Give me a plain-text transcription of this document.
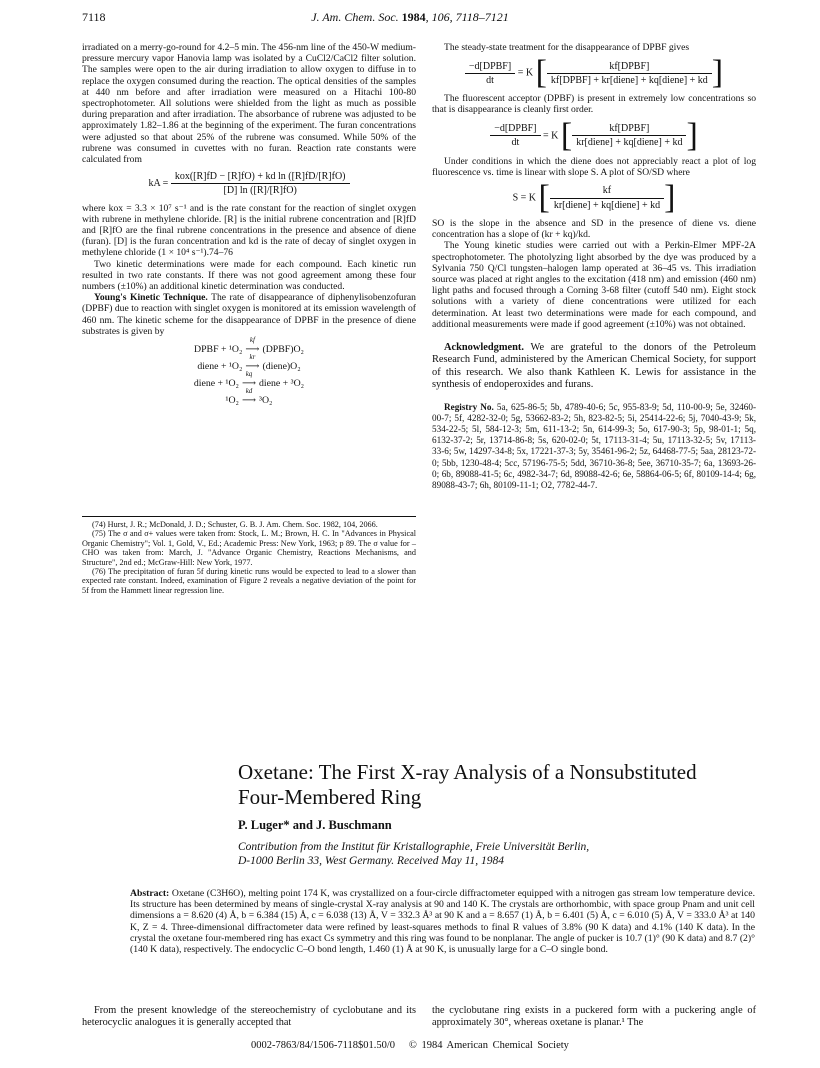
7118	J. Am. Chem. Soc. 1984, 106, 7118–7121

irradiated on a merry-go-round for 4.2–5 min. The 456-nm line of the 450-W medium-pressure mercury vapor Hanovia lamp was isolated by a CuCl2/CaCl2 filter solution. The samples were open to the air during irradiation to allow oxygen to diffuse in to replace the oxygen consumed during the reaction. The optical densities of the samples at 440 nm before and after irradiation were measured on a Hitachi 100-80 spectrophotometer. All solutions were shielded from the light as much as possible during preparation and after irradiation. The absorbance of rubrene was adjusted to be approximately 1.82–1.86 at the beginning of the experiment. The furan concentrations were adjusted so that about 25% of the rubrene was consumed. While 50% of the rubrene was consumed in cuvettes with no furan. Reaction rate constants were calculated from

kA = $\frac{\text{kox([R]fD − [R]fO) + kd ln ([R]fD/[R]fO)}}{[D] \ln ([R]/[R]fO)}$

where kox = 3.3 × 10⁷ s⁻¹ and is the rate constant for the reaction of singlet oxygen with rubrene in methylene chloride. [R] is the initial rubrene concentration and [R]fD and [R]fO are the final rubrene concentrations in the presence and absence of diene (furan). [D] is the furan concentration and kd is the rate of decay of singlet oxygen in methylene chloride (1 × 10⁴ s⁻¹).74–76

Two kinetic determinations were made for each compound. Each kinetic run resulted in two rate constants. If there was not good agreement among these four numbers (±10%) an additional kinetic determination was conducted.

Young's Kinetic Technique. The rate of disappearance of diphenylisobenzofuran (DPBF) due to reaction with singlet oxygen is monitored at its emission wavelength of 460 nm. The kinetic scheme for the disappearance of DPBF in the presence of diene substrates is given by

DPBF + ¹O₂
kf
⟶ (DPBF)O₂
diene + ¹O₂
kr
⟶ (diene)O₂
diene + ¹O₂
kq
⟶ diene + ³O₂
¹O₂
kd
⟶ ³O₂

(74) Hurst, J. R.; McDonald, J. D.; Schuster, G. B. J. Am. Chem. Soc. 1982, 104, 2066.

(75) The σ and σ+ values were taken from: Stock, L. M.; Brown, H. C. In "Advances in Physical Organic Chemistry"; Vol. 1, Gold, V., Ed.; Academic Press: New York, 1963; p 89. The σ value for –CHO was taken from: March, J. "Advance Organic Chemistry, Reactions Mechanisms, and Structure", 2nd ed.; McGraw-Hill: New York, 1977.

(76) The precipitation of furan 5f during kinetic runs would be expected to lead to a slower than expected rate constant. Indeed, examination of Figure 2 reveals a negative deviation of the point for 5f from the Hammett linear regression line.

The steady-state treatment for the disappearance of DPBF gives

$\frac{\text{−d[DPBF]}}{dt} = K$ [ $\frac{\text{kf[DPBF]}}{\text{kf[DPBF] + kr[diene] + kq[diene] + kd}}$ ]

The fluorescent acceptor (DPBF) is present in extremely low concentrations so that is disappearance is cleanly first order.

$\frac{\text{−d[DPBF]}}{dt} = K$ [ $\frac{\text{kf[DPBF]}}{\text{kr[diene] + kq[diene] + kd}}$ ]

Under conditions in which the diene does not appreciably react a plot of log fluorescence vs. time is linear with slope S. A plot of SO/SD where

S = K [ $\frac{kf}{\text{kr[diene] + kq[diene] + kd}}$ ]

SO is the slope in the absence and SD in the presence of diene vs. diene concentration has a slope of (kr + kq)/kd.

The Young kinetic studies were carried out with a Perkin-Elmer MPF-2A spectrophotometer. The photolyzing light absorbed by the dye was produced by a Sylvania 750 Q/Cl tungsten–halogen lamp operated at 36–45 vs. This irradiation source was placed at right angles to the excitation (418 nm) and emission (460 nm) light paths and focused through a Corning 3-68 filter (cutoff 540 nm). Eight stock solutions with a variety of diene concentrations were utilized for each determination. At least two determinations were made for each compound, and additional measurements were made if good agreement (±10%) was not obtained.

Acknowledgment. We are grateful to the donors of the Petroleum Research Fund, administered by the American Chemical Society, for support of this research. We also thank Kathleen K. Lewis for assistance in the synthesis of endoperoxides and furans.

Registry No. 5a, 625-86-5; 5b, 4789-40-6; 5c, 955-83-9; 5d, 110-00-9; 5e, 32460-00-7; 5f, 4282-32-0; 5g, 53662-83-2; 5h, 823-82-5; 5i, 25414-22-6; 5j, 7040-43-9; 5k, 534-22-5; 5l, 584-12-3; 5m, 611-13-2; 5n, 614-99-3; 5o, 617-90-3; 5p, 98-01-1; 5q, 6132-37-2; 5r, 13714-86-8; 5s, 620-02-0; 5t, 17113-31-4; 5u, 17113-32-5; 5v, 17113-33-6; 5w, 14297-34-8; 5x, 17221-37-3; 5y, 35461-96-2; 5z, 64468-77-5; 5aa, 28123-72-0; 5bb, 1230-48-4; 5cc, 57196-75-5; 5dd, 36710-36-8; 5ee, 36710-35-7; 6a, 13693-26-0; 6b, 89088-41-5; 6c, 4982-34-7; 6d, 89088-42-6; 6e, 58864-06-5; 6f, 80109-14-4; 6g, 89088-43-7; 6h, 80109-11-1; O2, 7782-44-7.

Oxetane: The First X-ray Analysis of a Nonsubstituted
Four-Membered Ring
P. Luger* and J. Buschmann
Contribution from the Institut für Kristallographie, Freie Universität Berlin,
D-1000 Berlin 33, West Germany. Received May 11, 1984
Abstract: Oxetane (C3H6O), melting point 174 K, was crystallized on a four-circle diffractometer equipped with a nitrogen gas stream low temperature device. Its structure has been determined by means of single-crystal X-ray analysis at 90 and 140 K. The crystals are orthorhombic, with space group Pnam and unit cell dimensions a = 8.620 (4) Å, b = 6.384 (15) Å, c = 6.038 (13) Å, V = 332.3 Å³ at 90 K and a = 8.657 (1) Å, b = 6.401 (5) Å, c = 6.010 (5) Å, V = 333.0 Å³ at 140 K, Z = 4. Three-dimensional diffractometer data were refined by least-squares methods to final R values of 3.8% (90 K data) and 4.1% (140 K data). In the crystal the oxetane four-membered ring has exact Cs symmetry and this ring was found to be nonplanar. The angle of pucker is 10.7 (1)° (90 K data) and 8.7 (2)° (140 K data), respectively. The endocyclic C–O bond length, 1.460 (1) Å at 90 K, is unusually large for a C–O single bond.
From the present knowledge of the stereochemistry of cyclobutane and its heterocyclic analogues it is generally accepted that
the cyclobutane ring exists in a puckered form with a puckering angle of approximately 30°, whereas oxetane is planar.¹ The
0002-7863/84/1506-7118$01.50/0 © 1984 American Chemical Society
